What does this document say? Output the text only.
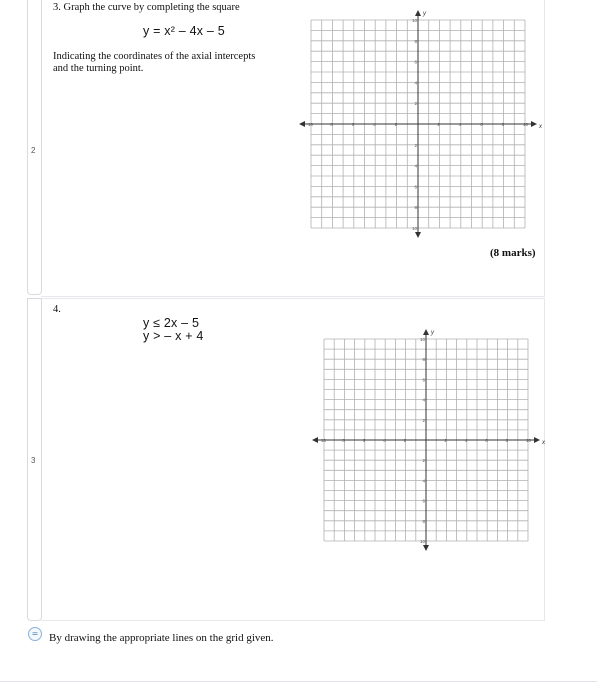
2
3
3. Graph the curve by completing the square
y = x² – 4x – 5
Indicating the coordinates of the axial intercepts
and the turning point.
(8 marks)
x
y
10
10
8
8
6
6
4
4
2
2
2
2
4
4
6
6
8
8
10
10
4.
y ≤ 2x – 5
y > – x + 4
x
y
10
10
8
8
6
6
4
4
2
2
2
2
4
4
6
6
8
8
10
10
= By drawing the appropriate lines on the grid given.
